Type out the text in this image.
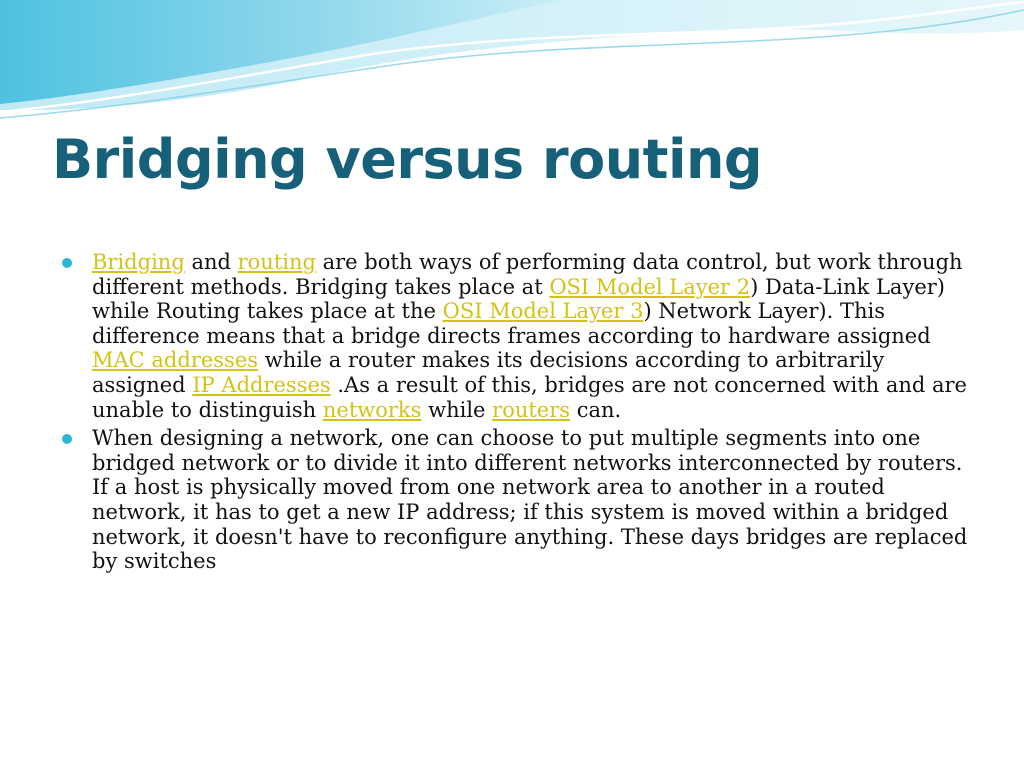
Bridging versus routing
Bridging and routing are both ways of performing data control, but work through different methods. Bridging takes place at OSI Model Layer 2) Data-Link Layer) while Routing takes place at the OSI Model Layer 3) Network Layer). This difference means that a bridge directs frames according to hardware assigned MAC addresses while a router makes its decisions according to arbitrarily assigned IP Addresses .As a result of this, bridges are not concerned with and are unable to distinguish networks while routers can.
When designing a network, one can choose to put multiple segments into one bridged network or to divide it into different networks interconnected by routers. If a host is physically moved from one network area to another in a routed network, it has to get a new IP address; if this system is moved within a bridged network, it doesn't have to reconfigure anything. These days bridges are replaced by switches
